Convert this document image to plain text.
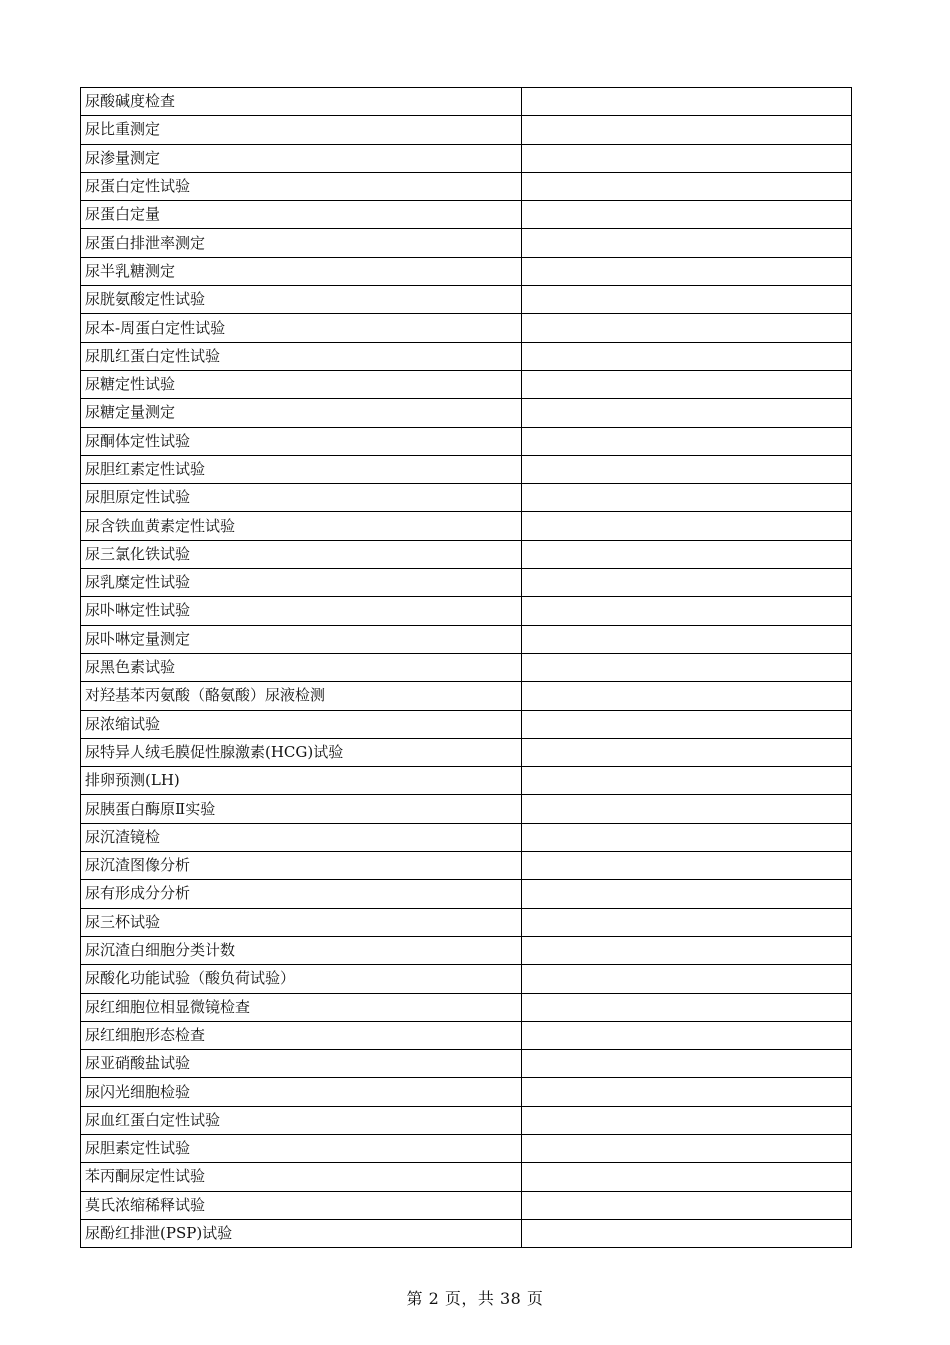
尿酸碱度检查	
尿比重测定	
尿渗量测定	
尿蛋白定性试验	
尿蛋白定量	
尿蛋白排泄率测定	
尿半乳糖测定	
尿胱氨酸定性试验	
尿本-周蛋白定性试验	
尿肌红蛋白定性试验	
尿糖定性试验	
尿糖定量测定	
尿酮体定性试验	
尿胆红素定性试验	
尿胆原定性试验	
尿含铁血黄素定性试验	
尿三氯化铁试验	
尿乳糜定性试验	
尿卟啉定性试验	
尿卟啉定量测定	
尿黑色素试验	
对羟基苯丙氨酸（酪氨酸）尿液检测	
尿浓缩试验	
尿特异人绒毛膜促性腺激素(HCG)试验	
排卵预测(LH)	
尿胰蛋白酶原Ⅱ实验	
尿沉渣镜检	
尿沉渣图像分析	
尿有形成分分析	
尿三杯试验	
尿沉渣白细胞分类计数	
尿酸化功能试验（酸负荷试验）	
尿红细胞位相显微镜检查	
尿红细胞形态检查	
尿亚硝酸盐试验	
尿闪光细胞检验	
尿血红蛋白定性试验	
尿胆素定性试验	
苯丙酮尿定性试验	
莫氏浓缩稀释试验	
尿酚红排泄(PSP)试验	
第 2 页，共 38 页
